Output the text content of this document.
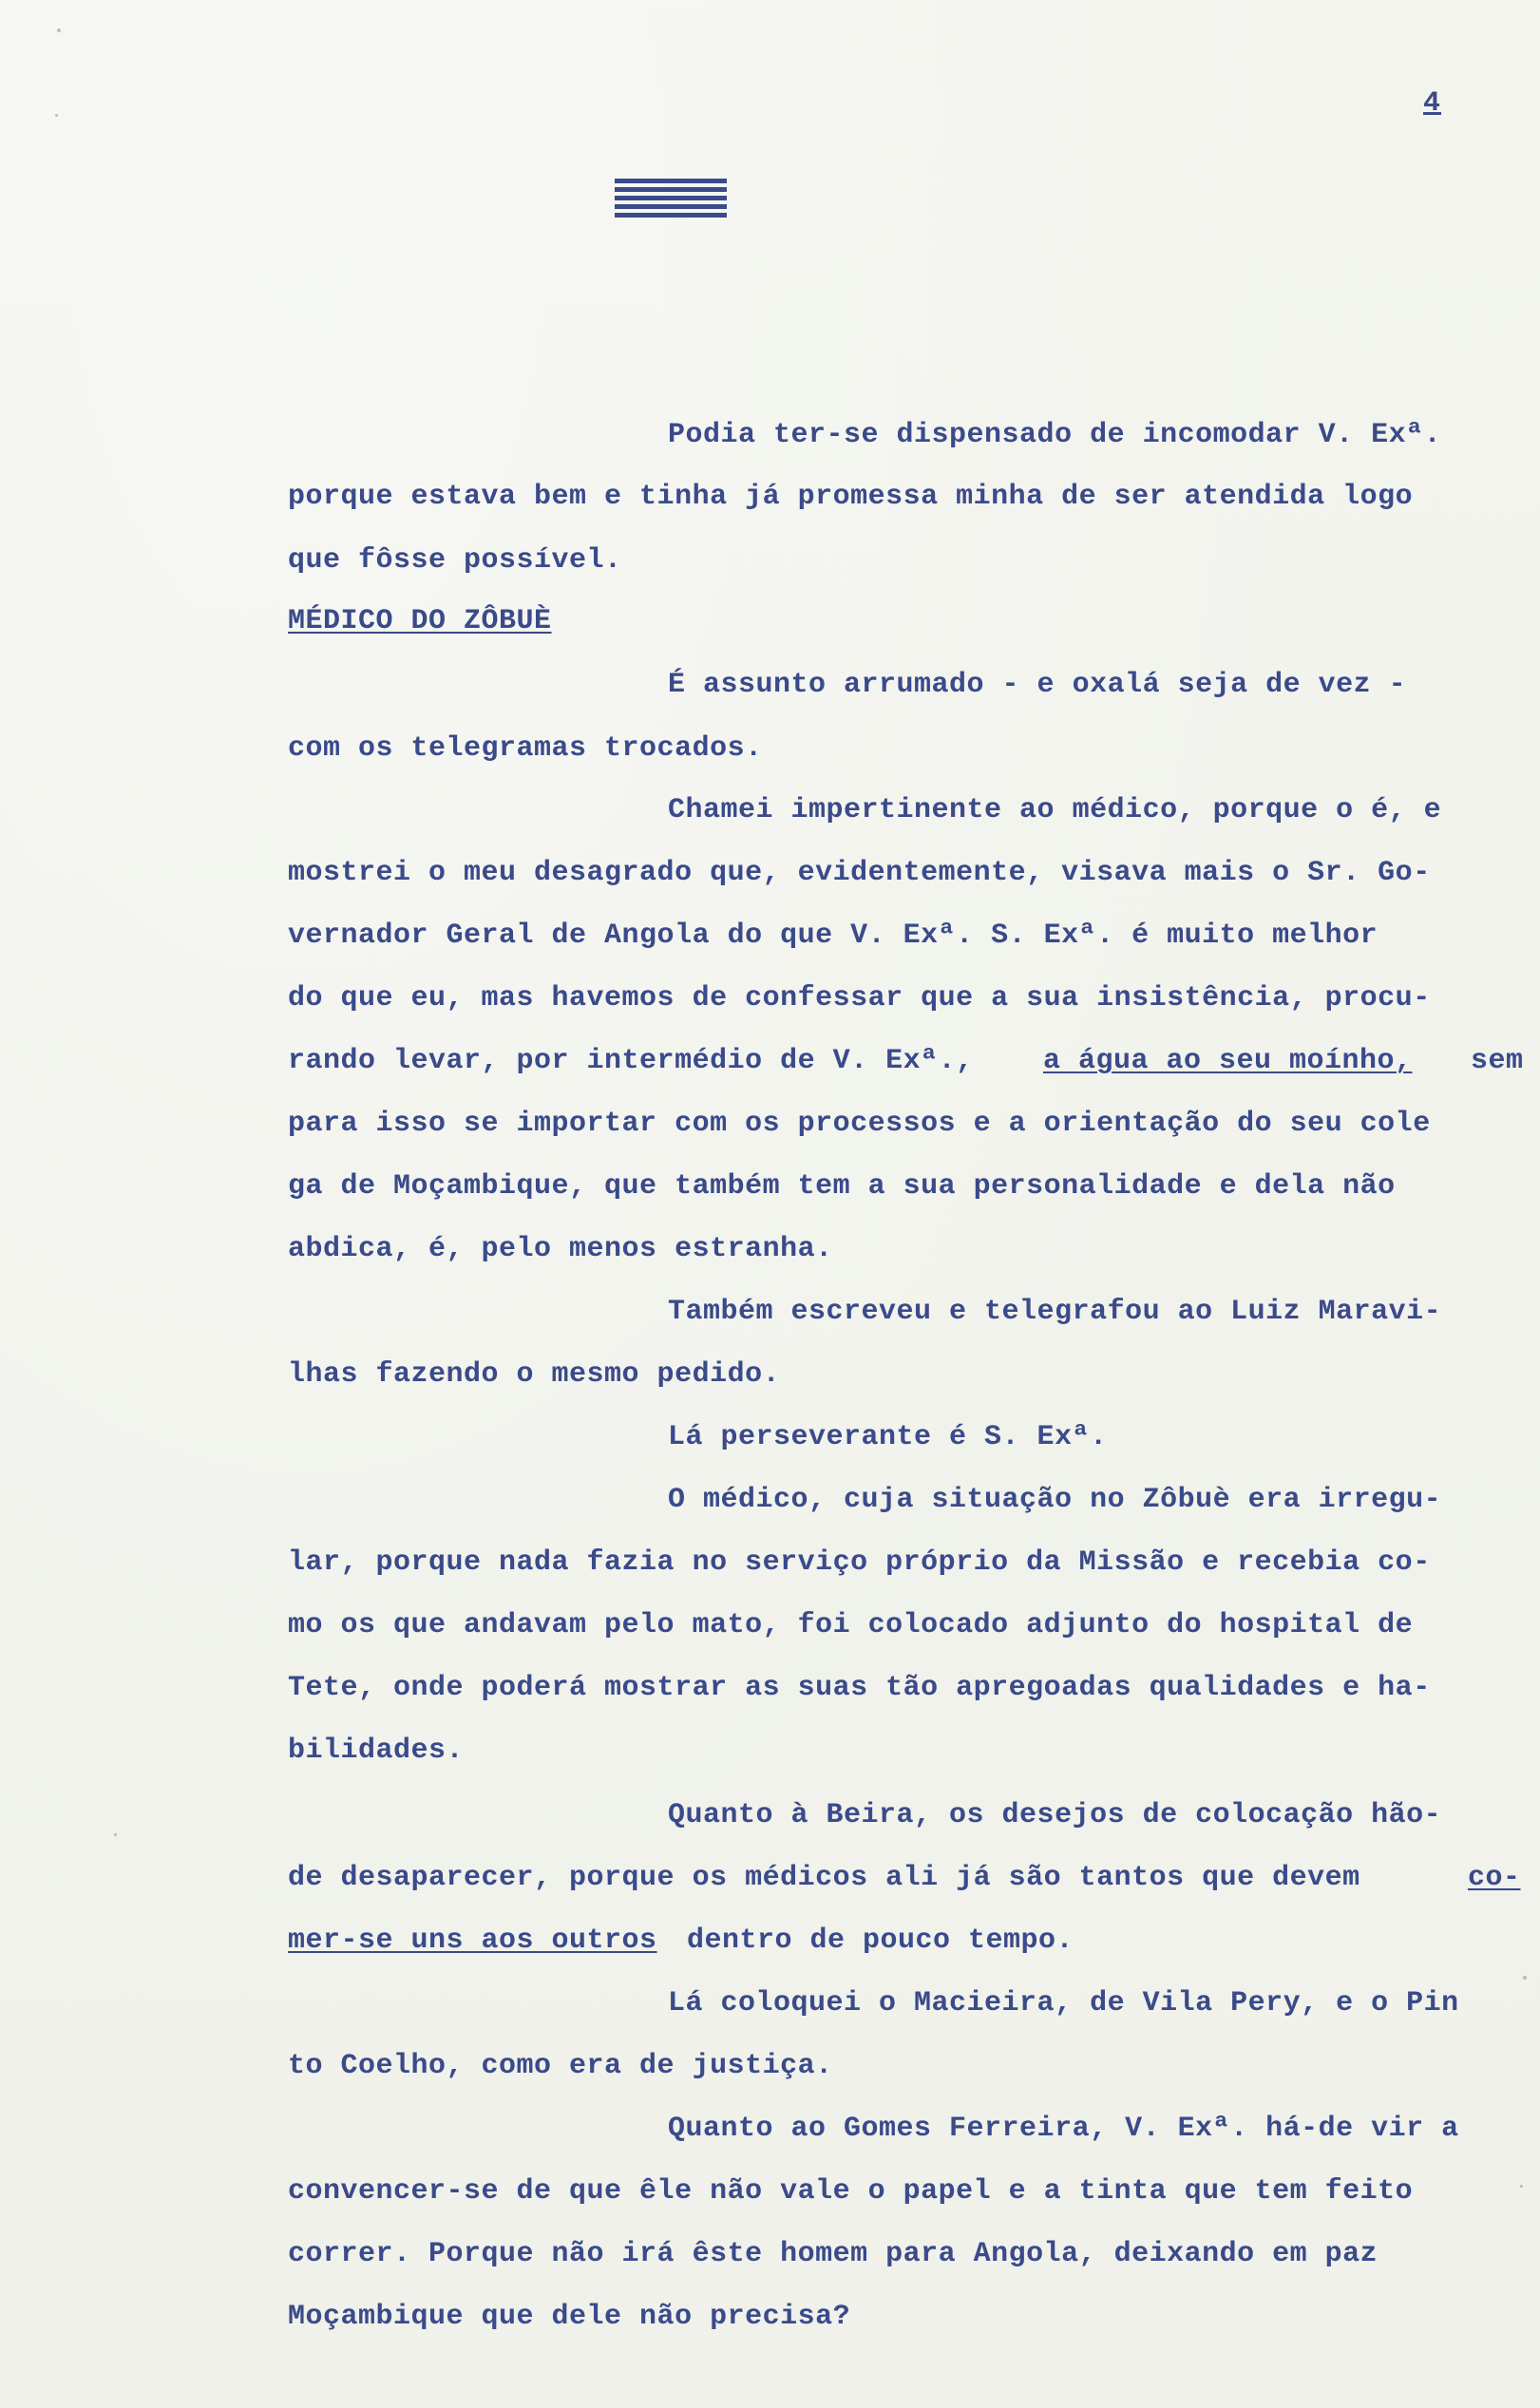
4
Podia ter-se dispensado de incomodar V. Exª.
porque estava bem e tinha já promessa minha de ser atendida logo
que fôsse possível.
MÉDICO DO ZÔBUÈ
É assunto arrumado - e oxalá seja de vez -
com os telegramas trocados.
Chamei impertinente ao médico, porque o é, e
mostrei o meu desagrado que, evidentemente, visava mais o Sr. Go-
vernador Geral de Angola do que V. Exª. S. Exª. é muito melhor
do que eu, mas havemos de confessar que a sua insistência, procu-
rando levar, por intermédio de V. Exª., a água ao seu moínho, sem
para isso se importar com os processos e a orientação do seu cole
ga de Moçambique, que também tem a sua personalidade e dela não
abdica, é, pelo menos estranha.
Também escreveu e telegrafou ao Luiz Maravi-
lhas fazendo o mesmo pedido.
Lá perseverante é S. Exª.
O médico, cuja situação no Zôbuè era irregu-
lar, porque nada fazia no serviço próprio da Missão e recebia co-
mo os que andavam pelo mato, foi colocado adjunto do hospital de
Tete, onde poderá mostrar as suas tão apregoadas qualidades e ha-
bilidades.
Quanto à Beira, os desejos de colocação hão-
de desaparecer, porque os médicos ali já são tantos que devem	co-
mer-se uns aos outros dentro de pouco tempo.
Lá coloquei o Macieira, de Vila Pery, e o Pin
to Coelho, como era de justiça.
Quanto ao Gomes Ferreira, V. Exª. há-de vir a
convencer-se de que êle não vale o papel e a tinta que tem feito
correr. Porque não irá êste homem para Angola, deixando em paz
Moçambique que dele não precisa?
